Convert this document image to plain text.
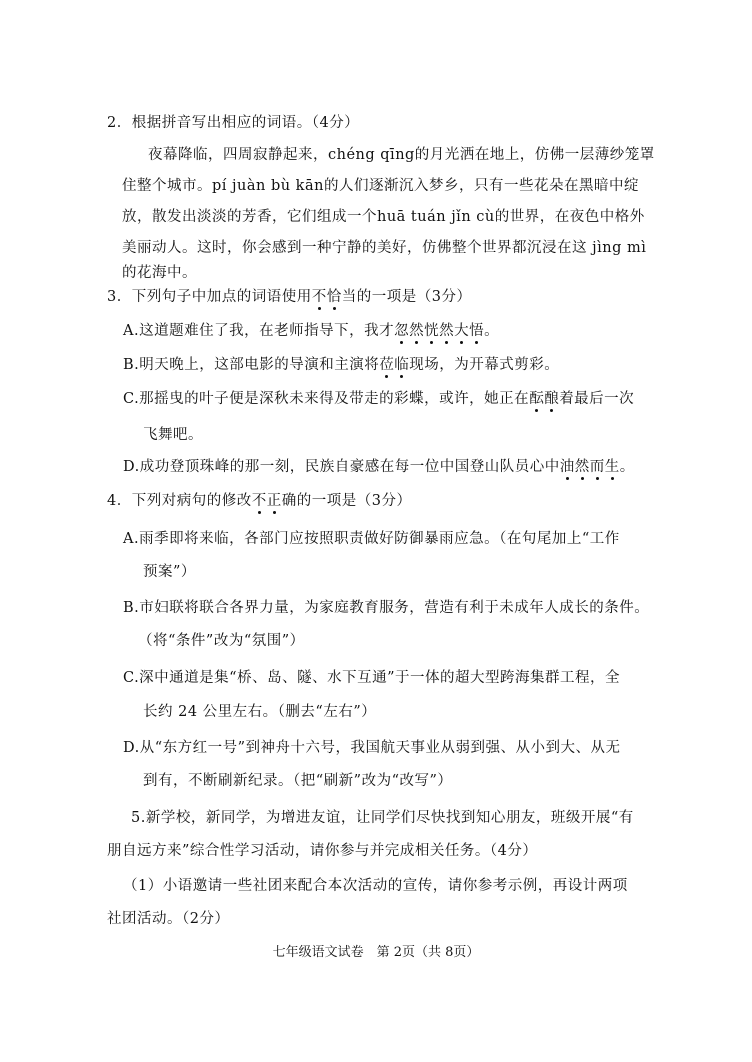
2．根据拼音写出相应的词语。（4分）
夜幕降临，四周寂静起来，chéng qīng的月光洒在地上，仿佛一层薄纱笼罩
住整个城市。pí juàn bù kān的人们逐渐沉入梦乡，只有一些花朵在黑暗中绽
放，散发出淡淡的芳香，它们组成一个huā tuán jǐn cù的世界，在夜色中格外
美丽动人。这时，你会感到一种宁静的美好，仿佛整个世界都沉浸在这 jìng mì
的花海中。
3．下列句子中加点的词语使用不恰当的一项是（3分）
A.这道题难住了我，在老师指导下，我才忽然恍然大悟。
B.明天晚上，这部电影的导演和主演将莅临现场，为开幕式剪彩。
C.那摇曳的叶子便是深秋未来得及带走的彩蝶，或许，她正在酝酿着最后一次
飞舞吧。
D.成功登顶珠峰的那一刻，民族自豪感在每一位中国登山队员心中油然而生。
4．下列对病句的修改不正确的一项是（3分）
A.雨季即将来临，各部门应按照职责做好防御暴雨应急。（在句尾加上“工作
预案”）
B.市妇联将联合各界力量，为家庭教育服务，营造有利于未成年人成长的条件。
（将“条件”改为“氛围”）
C.深中通道是集“桥、岛、隧、水下互通”于一体的超大型跨海集群工程，全
长约 24 公里左右。（删去“左右”）
D.从“东方红一号”到神舟十六号，我国航天事业从弱到强、从小到大、从无
到有，不断刷新纪录。（把“刷新”改为“改写”）
5.新学校，新同学，为增进友谊，让同学们尽快找到知心朋友，班级开展“有
朋自远方来”综合性学习活动，请你参与并完成相关任务。（4分）
（1）小语邀请一些社团来配合本次活动的宣传，请你参考示例，再设计两项
社团活动。（2分）
七年级语文试卷　第 2页（共 8页）
